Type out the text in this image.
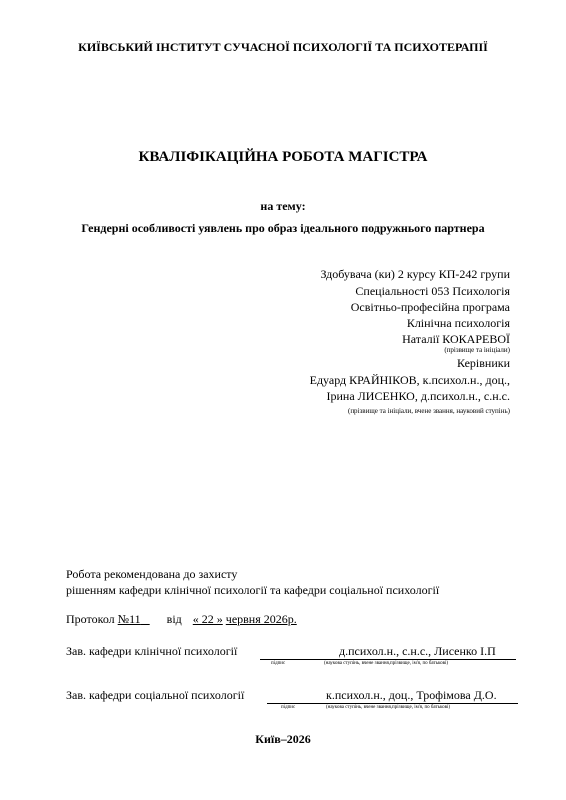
КИЇВСЬКИЙ ІНСТИТУТ СУЧАСНОЇ ПСИХОЛОГІЇ ТА ПСИХОТЕРАПІЇ
КВАЛІФІКАЦІЙНА РОБОТА МАГІСТРА
на тему:
Гендерні особливості уявлень про образ ідеального подружнього партнера
Здобувача (ки) 2 курсу КП-242 групи
Спеціальності 053 Психологія
Освітньо-професійна програма
Клінічна психологія
Наталії КОКАРЕВОЇ
(прізвище та ініціали)
Керівники
Едуард КРАЙНІКОВ, к.психол.н., доц.,
Ірина ЛИСЕНКО, д.психол.н., с.н.с.
(прізвище та ініціали, вчене звання, науковий ступінь)
Робота рекомендована до захисту
рішенням кафедри клінічної психології та кафедри соціальної психології
Протокол №11 від « 22 » червня 2026р.
Зав. кафедри клінічної психології	д.психол.н., с.н.с., Лисенко І.П
підпис	(наукова ступінь, вчене звання,прізвище, ім'я, по батькові)
Зав. кафедри соціальної психології	к.психол.н., доц., Трофімова Д.О.
підпис	(наукова ступінь, вчене звання,прізвище, ім'я, по батькові)
Київ–2026
